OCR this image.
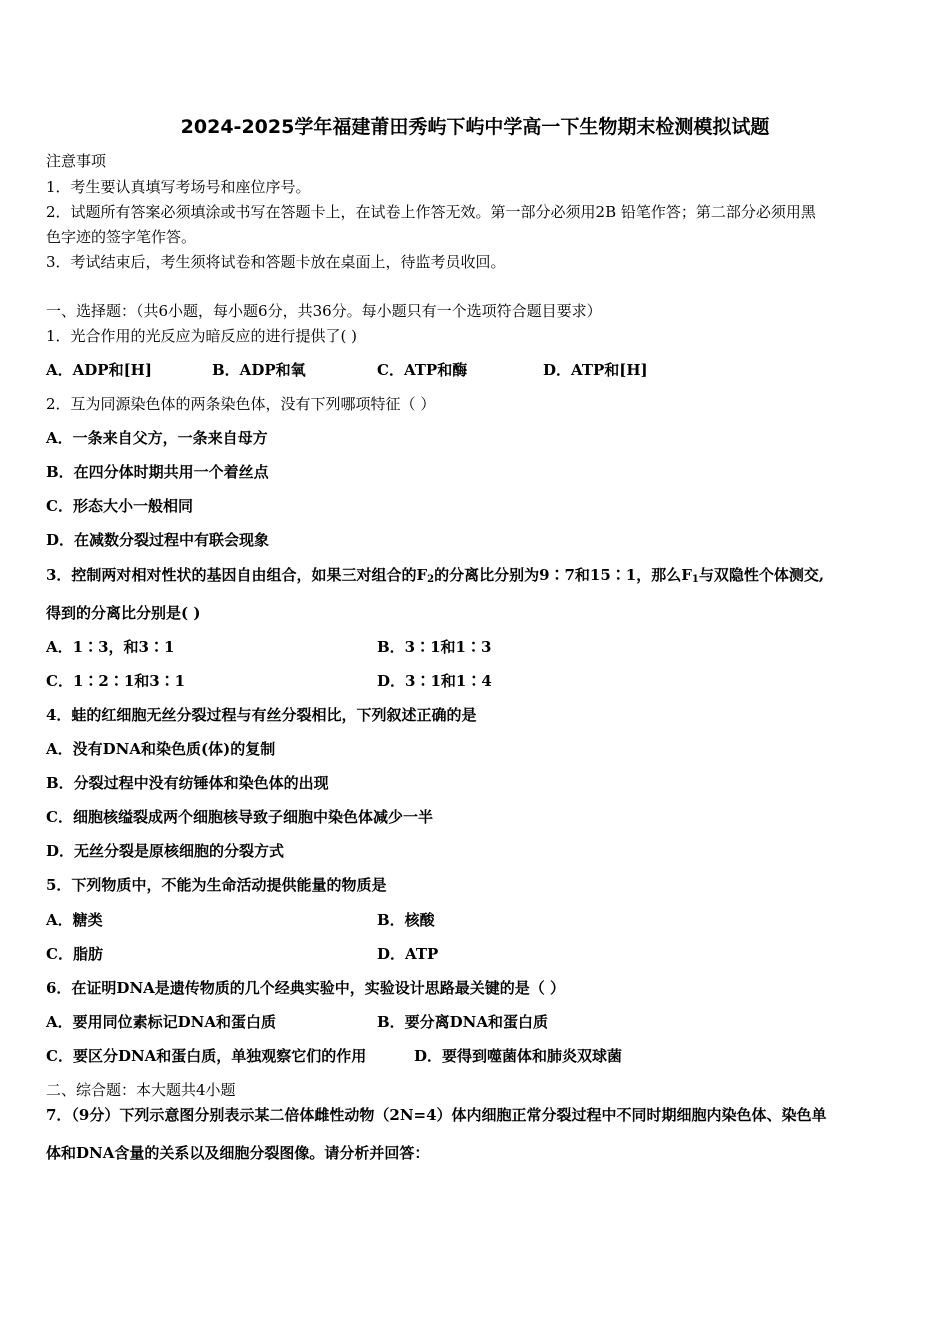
2024-2025学年福建莆田秀屿下屿中学高一下生物期末检测模拟试题
注意事项
1．考生要认真填写考场号和座位序号。
2．试题所有答案必须填涂或书写在答题卡上，在试卷上作答无效。第一部分必须用2B 铅笔作答；第二部分必须用黑
色字迹的签字笔作答。
3．考试结束后，考生须将试卷和答题卡放在桌面上，待监考员收回。
一、选择题：（共6小题，每小题6分，共36分。每小题只有一个选项符合题目要求）
1．光合作用的光反应为暗反应的进行提供了( )
A．ADP和[H]	B．ADP和氧	C．ATP和酶	D．ATP和[H]
2．互为同源染色体的两条染色体，没有下列哪项特征（ ）
A．一条来自父方，一条来自母方
B．在四分体时期共用一个着丝点
C．形态大小一般相同
D．在减数分裂过程中有联会现象
3．控制两对相对性状的基因自由组合，如果三对组合的$F_2$的分离比分别为9∶7和15∶1，那么$F_1$与双隐性个体测交,
得到的分离比分别是( )
A．1∶3，和3∶1	B．3∶1和1∶3
C．1∶2∶1和3∶1	D．3∶1和1∶4
4．蛙的红细胞无丝分裂过程与有丝分裂相比，下列叙述正确的是
A．没有DNA和染色质(体)的复制
B．分裂过程中没有纺锤体和染色体的出现
C．细胞核缢裂成两个细胞核导致子细胞中染色体减少一半
D．无丝分裂是原核细胞的分裂方式
5．下列物质中，不能为生命活动提供能量的物质是
A．糖类	B．核酸
C．脂肪	D．ATP
6．在证明DNA是遗传物质的几个经典实验中，实验设计思路最关键的是（ ）
A．要用同位素标记DNA和蛋白质	B．要分离DNA和蛋白质
C．要区分DNA和蛋白质，单独观察它们的作用	D．要得到噬菌体和肺炎双球菌
二、综合题：本大题共4小题
7．（9分）下列示意图分别表示某二倍体雌性动物（2N=4）体内细胞正常分裂过程中不同时期细胞内染色体、染色单
体和DNA含量的关系以及细胞分裂图像。请分析并回答：
